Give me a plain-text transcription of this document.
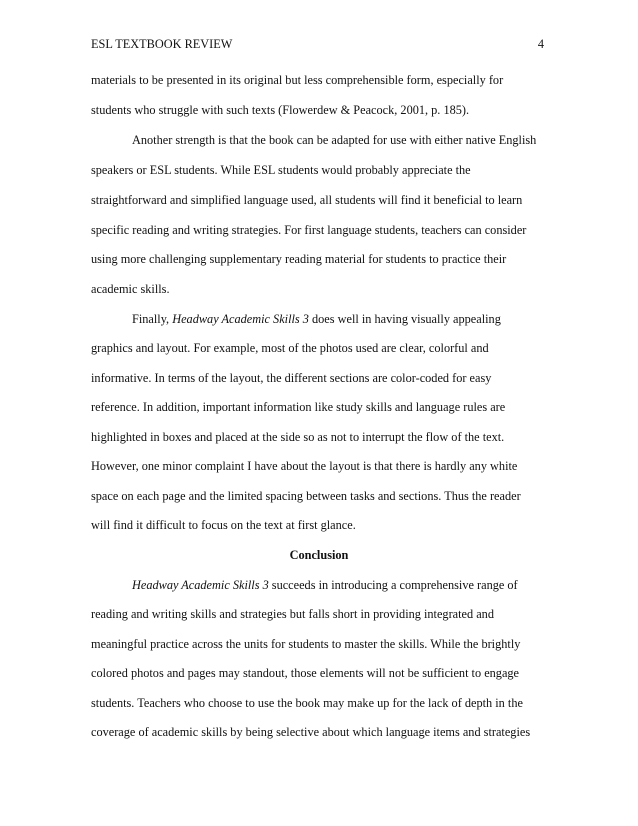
ESL TEXTBOOK REVIEW	4
materials to be presented in its original but less comprehensible form, especially for
students who struggle with such texts (Flowerdew & Peacock, 2001, p. 185).
Another strength is that the book can be adapted for use with either native English
speakers or ESL students. While ESL students would probably appreciate the
straightforward and simplified language used, all students will find it beneficial to learn
specific reading and writing strategies. For first language students, teachers can consider
using more challenging supplementary reading material for students to practice their
academic skills.
Finally, Headway Academic Skills 3 does well in having visually appealing
graphics and layout. For example, most of the photos used are clear, colorful and
informative. In terms of the layout, the different sections are color-coded for easy
reference. In addition, important information like study skills and language rules are
highlighted in boxes and placed at the side so as not to interrupt the flow of the text.
However, one minor complaint I have about the layout is that there is hardly any white
space on each page and the limited spacing between tasks and sections. Thus the reader
will find it difficult to focus on the text at first glance.
Conclusion
Headway Academic Skills 3 succeeds in introducing a comprehensive range of
reading and writing skills and strategies but falls short in providing integrated and
meaningful practice across the units for students to master the skills. While the brightly
colored photos and pages may standout, those elements will not be sufficient to engage
students. Teachers who choose to use the book may make up for the lack of depth in the
coverage of academic skills by being selective about which language items and strategies
